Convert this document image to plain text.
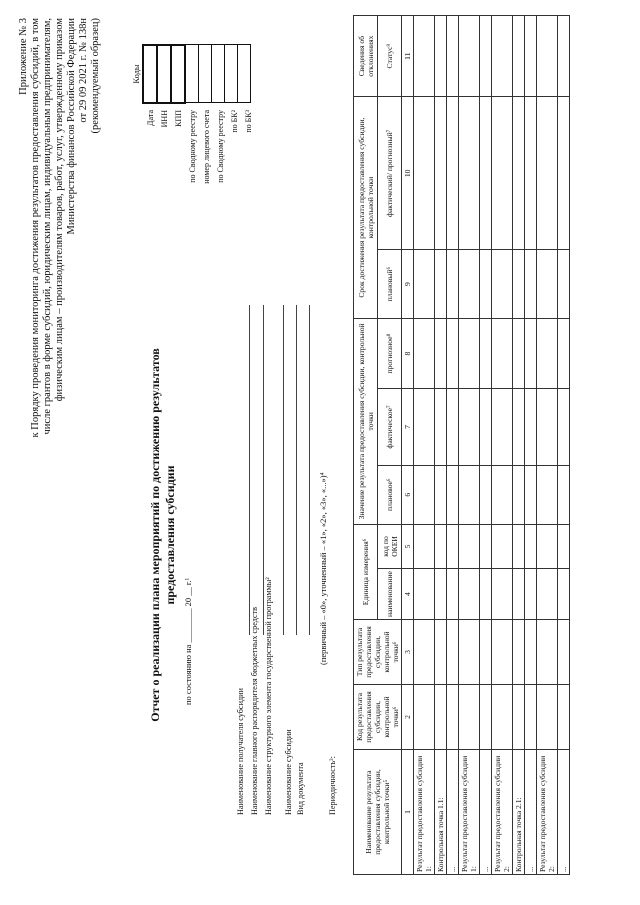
Приложение № 3 к Порядку проведения мониторинга достижения результатов предоставления субсидий, в том числе грантов в форме субсидий, юридическим лицам, индивидуальным предпринимателям, физическим лицам – производителям товаров, работ, услуг, утвержденному приказом Министерства финансов Российской Федерации от 29 09 2021 г. № 138н (рекомендуемый образец)
Отчет о реализации плана мероприятий по достижению результатов предоставления субсидии
по состоянию на ________ 20 __ г.¹
Коды

Дата ИНН КПП по Сводному реестру номер лицевого счета по Сводному реестру по БК² по БК³
Наименование получателя субсидии Наименование главного распорядителя бюджетных средств Наименование структурного элемента государственной программы²	Наименование субсидии Вид документа	Периодичность³:
(первичный – «0», уточненный – «1», «2», «3», «...»)⁴
Наименование результата предоставления субсидии, контрольной точки⁵	Код результата предоставления субсидии, контрольной точки⁶	Тип результата предоставления субсидии, контрольной точки⁶	Единица измерения⁶		Значение результата предоставления субсидии, контрольной точки			Срок достижения результата предоставления субсидии, контрольной точки		Сведения об отклонениях
			наименование	код по ОКЕИ	плановое⁶	фактическое⁷	прогнозное⁸	плановый⁶	фактический/ прогнозный⁷	Статус⁹
1	2	3	4	5	6	7	8	9	10	11
Результат предоставления субсидии 1:										
Контрольная точка 1.1:										
...										
Результат предоставления субсидии 1:										
...										
Результат предоставления субсидии 2:										
Контрольная точка 2.1:										
...										
Результат предоставления субсидии 2:										
...										
